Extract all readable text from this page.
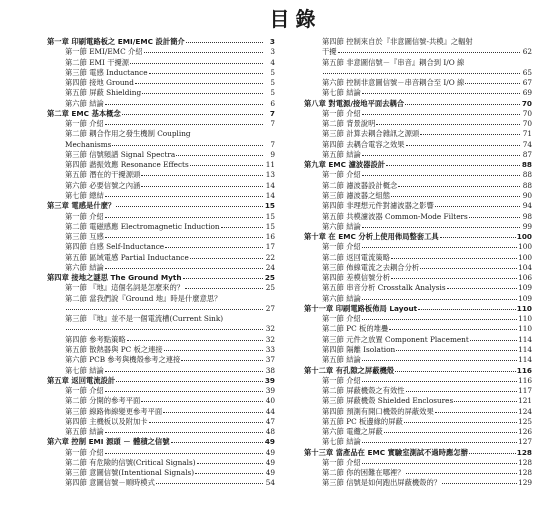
目錄
第一章 印刷電路板之 EMI/EMC 設計簡介	3
第一節 EMI/EMC 介紹	3
第二節 EMI 干擾源	4
第三節 電感 Inductance	5
第四節 接地 Ground	5
第五節 屏蔽 Shielding	5
第六節 結論	6
第二章 EMC 基本概念	7
第一節 介紹	7
第二節 耦合作用之發生機制 Coupling
Mechanisms	7
第三節 信號頻譜 Signal Spectra	9
第四節 諧振效應 Resonance Effects	11
第五節 潛在的干擾源頭	13
第六節 必要信號之內涵	14
第七節 總結	14
第三章 電感是什麼？	15
第一節 介紹	15
第二節 電磁感應 Electromagnetic Induction	15
第三節 互感	16
第四節 自感 Self-Inductance	17
第五節 區域電感 Partial Inductance	22
第六節 結論	24
第四章 接地之謎思 The Ground Myth	25
第一節 『地』這個名詞是怎麼來的？	25
第二節 當我們說『Ground 地』時是什麼意思？
27
第三節 『地』並不是一個電流槽(Current Sink)
32
第四節 參考點策略	32
第五節 散熱器與 PC 板之連接	33
第六節 PCB 參考與機殼參考之連接	37
第七節 結論	38
第五章 返回電流設計	39
第一節 介紹	39
第二節 分開的參考平面	40
第三節 線路佈線變更參考平面	44
第四節 主機板以及附加卡	47
第五節 結論	48
第六章 控制 EMI 源頭 － 體積之信號	49
第一節 介紹	49
第二節 有危險的信號(Critical Signals)	49
第三節 意圖信號(Intentional Signals)	49
第四節 意圖信號－順時模式	54
第四節 控制來自於『非意圖信號-共模』之輻射
干擾	62
第五節 非意圖信號－『串音』耦合到 I/O 線
65
第六節 控制非意圖信號－串音耦合至 I/O 線	67
第七節 結論	69
第八章 對電源/接地平面去耦合	70
第一節 介紹	70
第二節 背景說明	70
第三節 計算去耦合雜訊之源頭	71
第四節 去耦合電容之效果	74
第五節 結論	87
第九章 EMC 濾波器設計	88
第一節 介紹	88
第二節 濾波器設計概念	88
第三節 濾波器之組態	90
第四節 非理想元件對濾波器之影響	94
第五節 共模濾波器 Common-Mode Filters	98
第六節 結論	99
第十章 在 EMC 分析上使用佈局整套工具	100
第一節 介紹	100
第二節 返回電流策略	100
第三節 佈線電流之去耦合分析	104
第四節 差模信號分析	106
第五節 串音分析 Crosstalk Analysis	109
第六節 結論	109
第十一章 印刷電路板佈局 Layout	110
第一節 介紹	110
第二節 PC 板的堆疊	110
第三節 元件之放置 Component Placement	114
第四節 隔離 Isolation	114
第五節 結論	114
第十二章 有孔隙之屏蔽機殼	116
第一節 介紹	116
第二節 屏蔽機殼之有效性	117
第三節 屏蔽機殼 Shielded Enclosures	121
第四節 預測有開口機殼的屏蔽效果	124
第五節 PC 板邊緣的屏蔽	125
第六節 電纜之屏蔽	126
第七節 結論	127
第十三章 當產品在 EMC 實驗室測試不過時應怎辦	128
第一節 介紹	128
第二節 你的困難在哪裡？	128
第三節 信號是如何跑出屏蔽機殼的？	129
